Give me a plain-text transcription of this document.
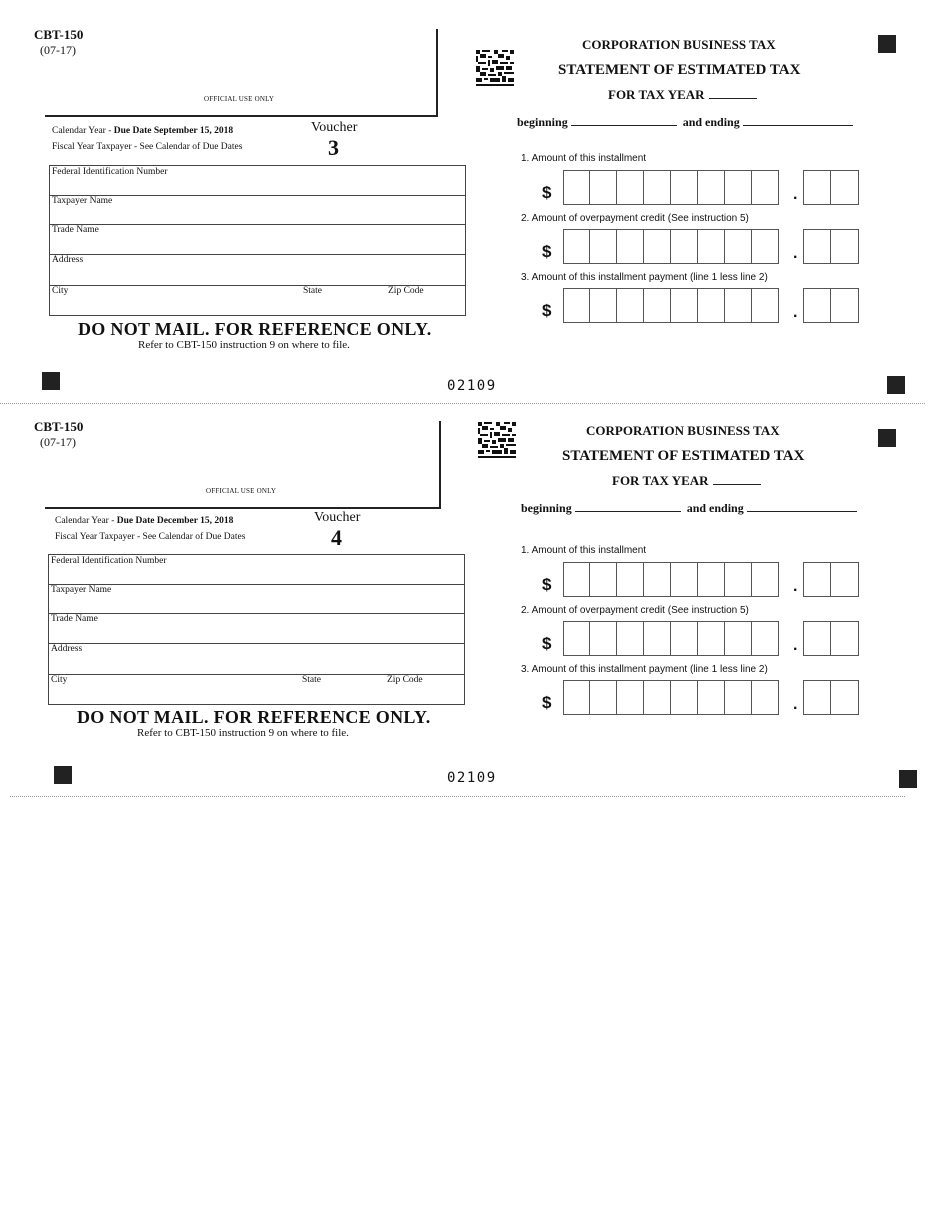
CBT-150
(07-17)
OFFICIAL USE ONLY
Calendar Year - Due Date September 15, 2018
Fiscal Year Taxpayer - See Calendar of Due Dates
Voucher
3
Federal Identification Number
Taxpayer Name
Trade Name
Address
City	State	Zip Code
DO NOT MAIL. FOR REFERENCE ONLY.
Refer to CBT-150 instruction 9 on where to file.
02109
CORPORATION BUSINESS TAX
STATEMENT OF ESTIMATED TAX
FOR TAX YEAR
beginning	and ending
1. Amount of this installment
$	.
2. Amount of overpayment credit (See instruction 5)
$	.
3. Amount of this installment payment (line 1 less line 2)
$	.
CBT-150
(07-17)
OFFICIAL USE ONLY
Calendar Year - Due Date December 15, 2018
Fiscal Year Taxpayer - See Calendar of Due Dates
Voucher
4
Federal Identification Number
Taxpayer Name
Trade Name
Address
City	State	Zip Code
DO NOT MAIL. FOR REFERENCE ONLY.
Refer to CBT-150 instruction 9 on where to file.
02109
CORPORATION BUSINESS TAX
STATEMENT OF ESTIMATED TAX
FOR TAX YEAR
beginning	and ending
1. Amount of this installment
$	.
2. Amount of overpayment credit (See instruction 5)
$	.
3. Amount of this installment payment (line 1 less line 2)
$	.
